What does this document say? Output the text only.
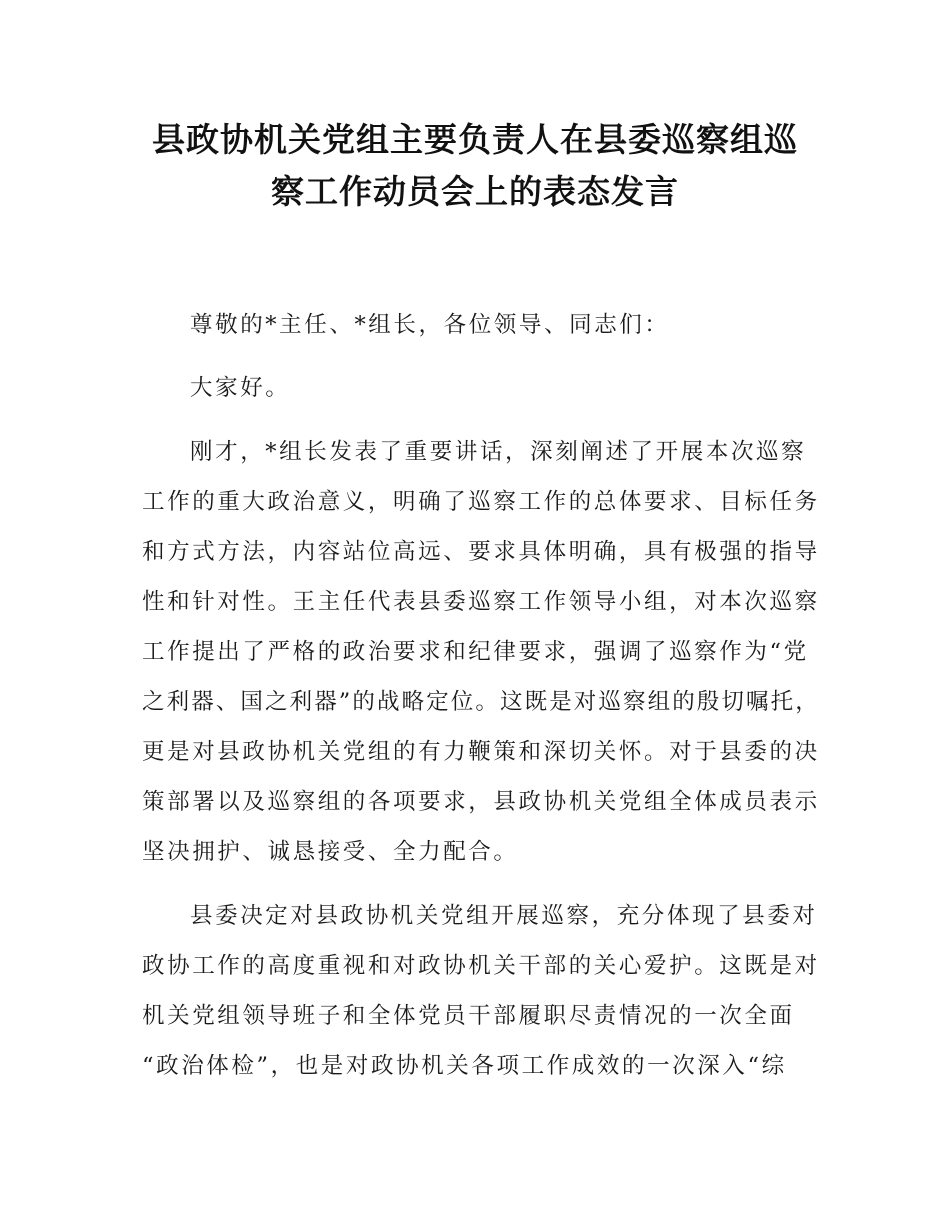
县政协机关党组主要负责人在县委巡察组巡
察工作动员会上的表态发言
尊敬的*主任、*组长，各位领导、同志们：
大家好。
刚才，*组长发表了重要讲话，深刻阐述了开展本次巡察
工作的重大政治意义，明确了巡察工作的总体要求、目标任务
和方式方法，内容站位高远、要求具体明确，具有极强的指导
性和针对性。王主任代表县委巡察工作领导小组，对本次巡察
工作提出了严格的政治要求和纪律要求，强调了巡察作为“党
之利器、国之利器”的战略定位。这既是对巡察组的殷切嘱托，
更是对县政协机关党组的有力鞭策和深切关怀。对于县委的决
策部署以及巡察组的各项要求，县政协机关党组全体成员表示
坚决拥护、诚恳接受、全力配合。
县委决定对县政协机关党组开展巡察，充分体现了县委对
政协工作的高度重视和对政协机关干部的关心爱护。这既是对
机关党组领导班子和全体党员干部履职尽责情况的一次全面
“政治体检”，也是对政协机关各项工作成效的一次深入“综
